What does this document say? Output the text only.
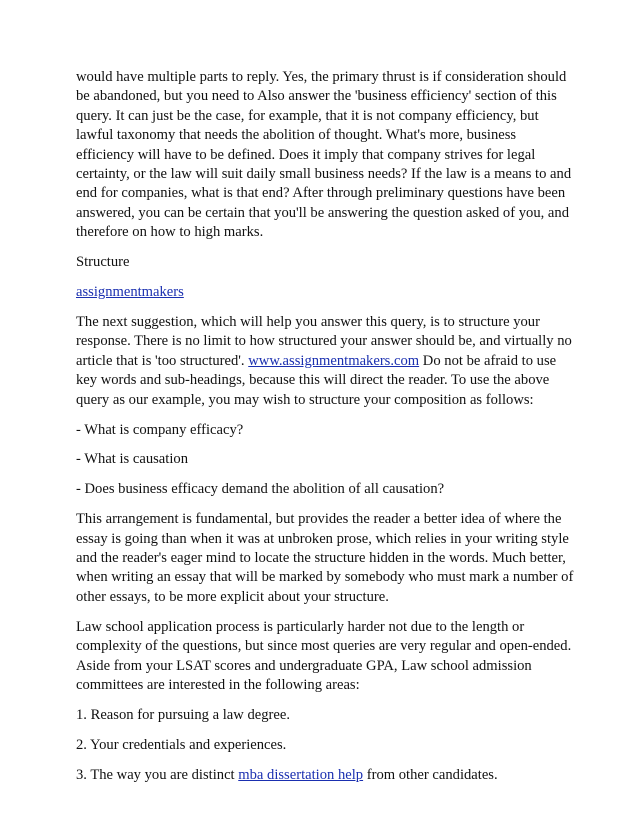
would have multiple parts to reply. Yes, the primary thrust is if consideration should be abandoned, but you need to Also answer the 'business efficiency' section of this query. It can just be the case, for example, that it is not company efficiency, but lawful taxonomy that needs the abolition of thought. What's more, business efficiency will have to be defined. Does it imply that company strives for legal certainty, or the law will suit daily small business needs? If the law is a means to and end for companies, what is that end? After through preliminary questions have been answered, you can be certain that you'll be answering the question asked of you, and therefore on how to high marks.

Structure

assignmentmakers

The next suggestion, which will help you answer this query, is to structure your response. There is no limit to how structured your answer should be, and virtually no article that is 'too structured'. www.assignmentmakers.com Do not be afraid to use key words and sub-headings, because this will direct the reader. To use the above query as our example, you may wish to structure your composition as follows:

- What is company efficacy?

- What is causation

- Does business efficacy demand the abolition of all causation?

This arrangement is fundamental, but provides the reader a better idea of where the essay is going than when it was at unbroken prose, which relies in your writing style and the reader's eager mind to locate the structure hidden in the words. Much better, when writing an essay that will be marked by somebody who must mark a number of other essays, to be more explicit about your structure.

Law school application process is particularly harder not due to the length or complexity of the questions, but since most queries are very regular and open-ended. Aside from your LSAT scores and undergraduate GPA, Law school admission committees are interested in the following areas:

1. Reason for pursuing a law degree.

2. Your credentials and experiences.

3. The way you are distinct mba dissertation help from other candidates.
